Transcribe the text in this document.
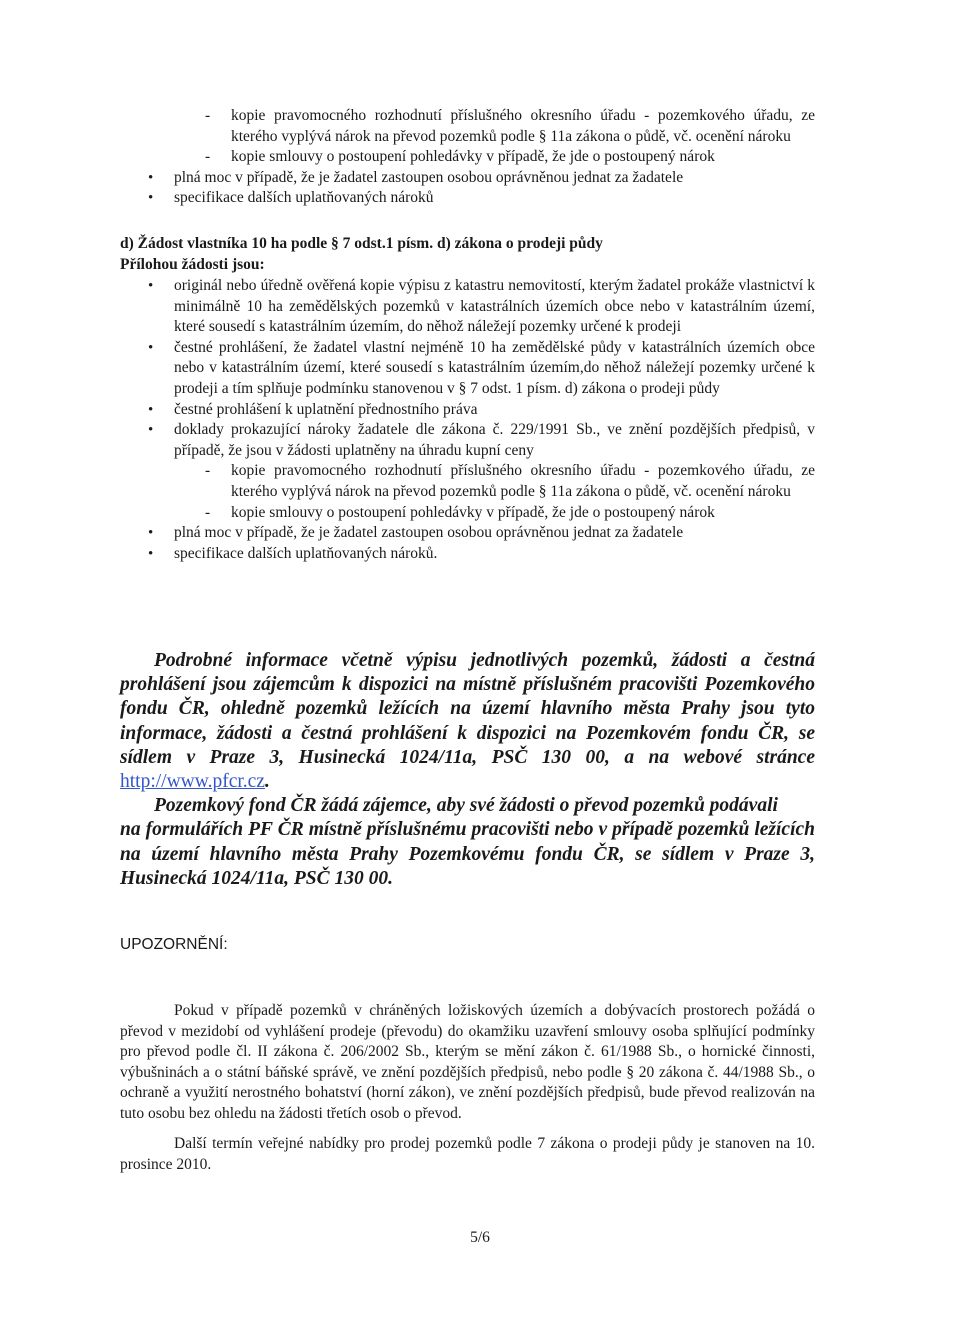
- kopie pravomocného rozhodnutí příslušného okresního úřadu - pozemkového úřadu, ze kterého vyplývá nárok na převod pozemků podle § 11a zákona o půdě, vč. ocenění nároku

- kopie smlouvy o postoupení pohledávky v případě, že jde o postoupený nárok

• plná moc v případě, že je žadatel zastoupen osobou oprávněnou jednat za žadatele

• specifikace dalších uplatňovaných nároků

d) Žádost vlastníka 10 ha podle § 7 odst.1 písm. d) zákona o prodeji půdy

Přílohou žádosti jsou:

• originál nebo úředně ověřená kopie výpisu z katastru nemovitostí, kterým žadatel prokáže vlastnictví k minimálně 10 ha zemědělských pozemků v katastrálních územích obce nebo v katastrálním území, které sousedí s katastrálním územím, do něhož náležejí pozemky určené k prodeji

• čestné prohlášení, že žadatel vlastní nejméně 10 ha zemědělské půdy v katastrálních územích obce nebo v katastrálním území, které sousedí s katastrálním územím,do něhož náležejí pozemky určené k prodeji a tím splňuje podmínku stanovenou v § 7 odst. 1 písm. d) zákona o prodeji půdy

• čestné prohlášení k uplatnění přednostního práva

• doklady prokazující nároky žadatele dle zákona č. 229/1991 Sb., ve znění pozdějších předpisů, v případě, že jsou v žádosti uplatněny na úhradu kupní ceny

- kopie pravomocného rozhodnutí příslušného okresního úřadu - pozemkového úřadu, ze kterého vyplývá nárok na převod pozemků podle § 11a zákona o půdě, vč. ocenění nároku

- kopie smlouvy o postoupení pohledávky v případě, že jde o postoupený nárok

• plná moc v případě, že je žadatel zastoupen osobou oprávněnou jednat za žadatele

• specifikace dalších uplatňovaných nároků.

Podrobné informace včetně výpisu jednotlivých pozemků, žádosti a čestná prohlášení jsou zájemcům k dispozici na místně příslušném pracovišti Pozemkového fondu ČR, ohledně pozemků ležících na území hlavního města Prahy jsou tyto informace, žádosti a čestná prohlášení k dispozici na Pozemkovém fondu ČR, se sídlem v Praze 3, Husinecká 1024/11a, PSČ 130 00, a na webové stránce http://www.pfcr.cz.

Pozemkový fond ČR žádá zájemce, aby své žádosti o převod pozemků podávali

na formulářích PF ČR místně příslušnému pracovišti nebo v případě pozemků ležících na území hlavního města Prahy Pozemkovému fondu ČR, se sídlem v Praze 3, Husinecká 1024/11a, PSČ 130 00.

UPOZORNĚNÍ:

Pokud v případě pozemků v chráněných ložiskových územích a dobývacích prostorech požádá o převod v mezidobí od vyhlášení prodeje (převodu) do okamžiku uzavření smlouvy osoba splňující podmínky pro převod podle čl. II zákona č. 206/2002 Sb., kterým se mění zákon č. 61/1988 Sb., o hornické činnosti, výbušninách a o státní báňské správě, ve znění pozdějších předpisů, nebo podle § 20 zákona č. 44/1988 Sb., o ochraně a využití nerostného bohatství (horní zákon), ve znění pozdějších předpisů, bude převod realizován na tuto osobu bez ohledu na žádosti třetích osob o převod.

Další termín veřejné nabídky pro prodej pozemků podle 7 zákona o prodeji půdy je stanoven na 10. prosince 2010.

5/6
